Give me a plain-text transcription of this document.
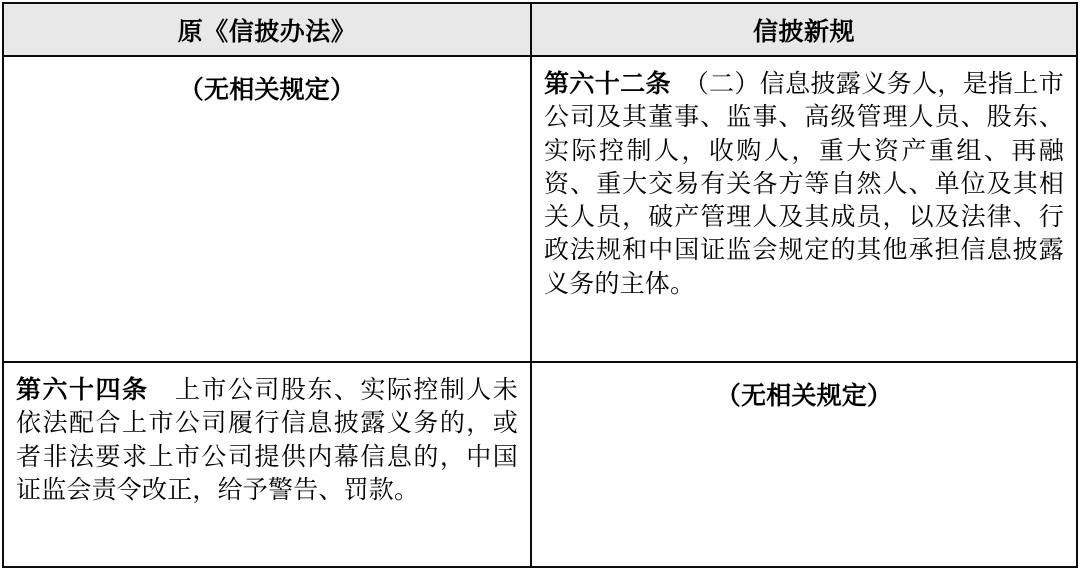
原《信披办法》	信披新规

（无相关规定）	第六十二条　 （二）信息披露义务人，是指上市公司及其董事、监事、高级管理人员、股东、实际控制人，收购人，重大资产重组、再融资、重大交易有关各方等自然人、单位及其相关人员，破产管理人及其成员，以及法律、行政法规和中国证监会规定的其他承担信息披露义务的主体。

第六十四条　 上市公司股东、实际控制人未依法配合上市公司履行信息披露义务的，或者非法要求上市公司提供内幕信息的，中国证监会责令改正，给予警告、罚款。	（无相关规定）
